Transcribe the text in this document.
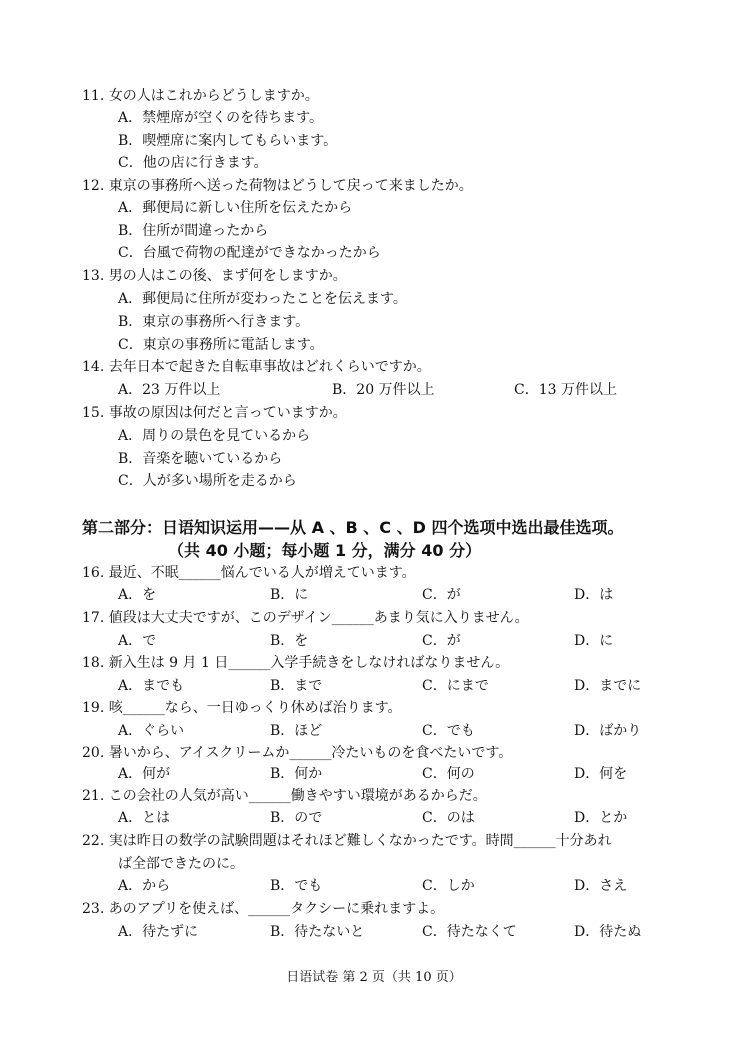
11. 女の人はこれからどうしますか。
A．禁煙席が空くのを待ちます。
B．喫煙席に案内してもらいます。
C．他の店に行きます。
12. 東京の事務所へ送った荷物はどうして戻って来ましたか。
A．郵便局に新しい住所を伝えたから
B．住所が間違ったから
C．台風で荷物の配達ができなかったから
13. 男の人はこの後、まず何をしますか。
A．郵便局に住所が変わったことを伝えます。
B．東京の事務所へ行きます。
C．東京の事務所に電話します。
14. 去年日本で起きた自転車事故はどれくらいですか。
A．23 万件以上	B．20 万件以上	C．13 万件以上
15. 事故の原因は何だと言っていますか。
A．周りの景色を見ているから
B．音楽を聴いているから
C．人が多い場所を走るから
第二部分：日语知识运用——从 A 、B 、C 、D 四个选项中选出最佳选项。
（共 40 小题；每小题 1 分，满分 40 分）
16. 最近、不眠______悩んでいる人が増えています。
A．を	B．に	C．が	D．は
17. 値段は大丈夫ですが、このデザイン______あまり気に入りません。
A．で	B．を	C．が	D．に
18. 新入生は 9 月 1 日______入学手続きをしなければなりません。
A．までも	B．まで	C．にまで	D．までに
19. 咳______なら、一日ゆっくり休めば治ります。
A．ぐらい	B．ほど	C．でも	D．ばかり
20. 暑いから、アイスクリームか______冷たいものを食べたいです。
A．何が	B．何か	C．何の	D．何を
21. この会社の人気が高い______働きやすい環境があるからだ。
A．とは	B．ので	C．のは	D．とか
22. 実は昨日の数学の試験問題はそれほど難しくなかったです。時間______十分あれ
ば全部できたのに。
A．から	B．でも	C．しか	D．さえ
23. あのアプリを使えば、______タクシーに乗れますよ。
A．待たずに	B．待たないと	C．待たなくて	D．待たぬ
日语试卷 第 2 页（共 10 页）
